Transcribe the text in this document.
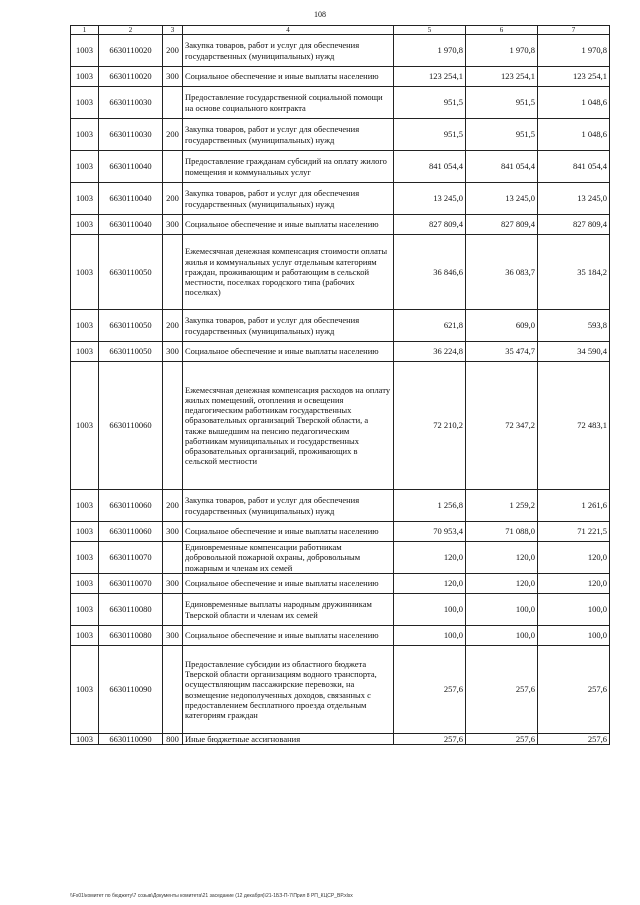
108
1	2	3	4	5	6	7
1003	6630110020	200	Закупка товаров, работ и услуг для обеспечения государственных (муниципальных) нужд	1 970,8	1 970,8	1 970,8
1003	6630110020	300	Социальное обеспечение и иные выплаты населению	123 254,1	123 254,1	123 254,1
1003	6630110030		Предоставление государственной социальной помощи на основе социального контракта	951,5	951,5	1 048,6
1003	6630110030	200	Закупка товаров, работ и услуг для обеспечения государственных (муниципальных) нужд	951,5	951,5	1 048,6
1003	6630110040		Предоставление гражданам субсидий на оплату жилого помещения и коммунальных услуг	841 054,4	841 054,4	841 054,4
1003	6630110040	200	Закупка товаров, работ и услуг для обеспечения государственных (муниципальных) нужд	13 245,0	13 245,0	13 245,0
1003	6630110040	300	Социальное обеспечение и иные выплаты населению	827 809,4	827 809,4	827 809,4
1003	6630110050		Ежемесячная денежная компенсация стоимости оплаты жилья и коммунальных услуг отдельным категориям граждан, проживающим и работающим в сельской местности, поселках городского типа (рабочих поселках)	36 846,6	36 083,7	35 184,2
1003	6630110050	200	Закупка товаров, работ и услуг для обеспечения государственных (муниципальных) нужд	621,8	609,0	593,8
1003	6630110050	300	Социальное обеспечение и иные выплаты населению	36 224,8	35 474,7	34 590,4
1003	6630110060		Ежемесячная денежная компенсация расходов на оплату жилых помещений, отопления и освещения педагогическим работникам государственных образовательных организаций Тверской области, а также вышедшим на пенсию педагогическим работникам муниципальных и государственных образовательных организаций, проживающих в сельской местности	72 210,2	72 347,2	72 483,1
1003	6630110060	200	Закупка товаров, работ и услуг для обеспечения государственных (муниципальных) нужд	1 256,8	1 259,2	1 261,6
1003	6630110060	300	Социальное обеспечение и иные выплаты населению	70 953,4	71 088,0	71 221,5
1003	6630110070		Единовременные компенсации работникам добровольной пожарной охраны, добровольным пожарным и членам их семей	120,0	120,0	120,0
1003	6630110070	300	Социальное обеспечение и иные выплаты населению	120,0	120,0	120,0
1003	6630110080		Единовременные выплаты народным дружинникам Тверской области и членам их семей	100,0	100,0	100,0
1003	6630110080	300	Социальное обеспечение и иные выплаты населению	100,0	100,0	100,0
1003	6630110090		Предоставление субсидии из областного бюджета Тверской области организациям водного транспорта, осуществляющим пассажирские перевозки, на возмещение недополученных доходов, связанных с предоставлением бесплатного проезда отдельным категориям граждан	257,6	257,6	257,6
1003	6630110090	800	Иные бюджетные ассигнования	257,6	257,6	257,6
\\Fs01\комитет по бюджету\7 созыв\Документы комитета\21 заседание (12 декабря)\21-1БЗ-П-7\Прил 8 РП_КЦСР_ВР.xlsx
